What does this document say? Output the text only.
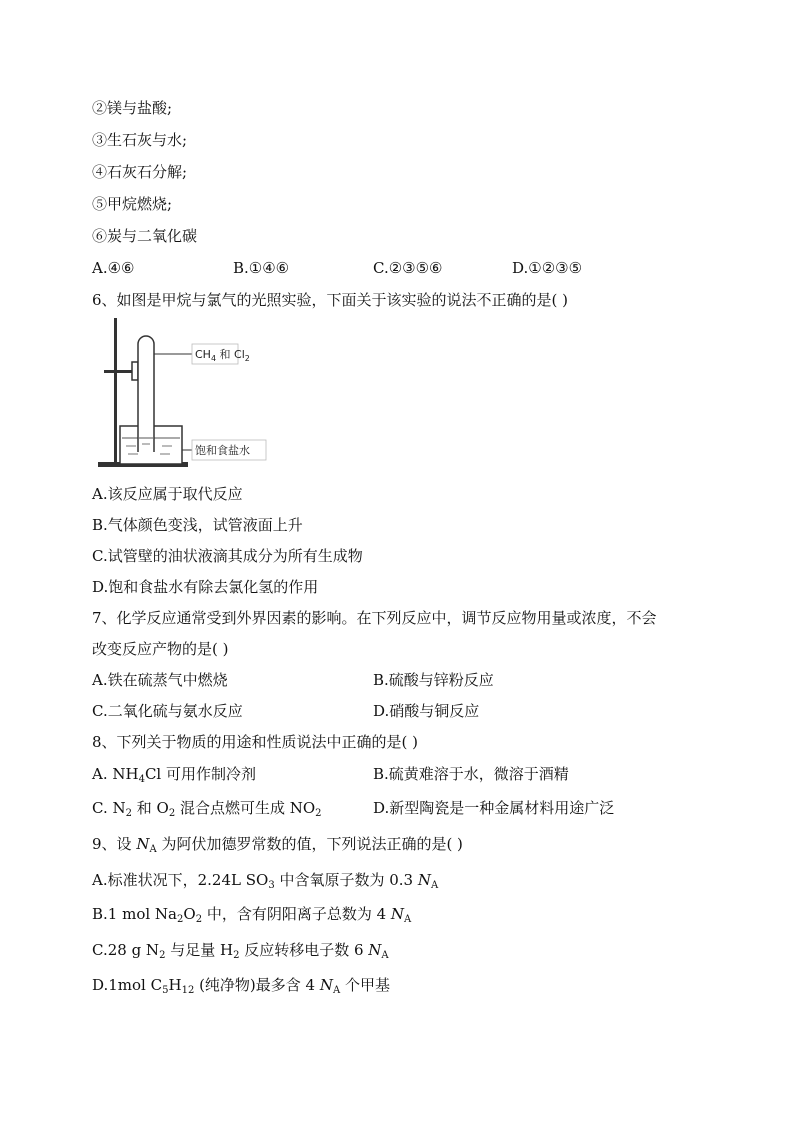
②镁与盐酸;
③生石灰与水;
④石灰石分解;
⑤甲烷燃烧;
⑥炭与二氧化碳
A.④⑥	B.①④⑥	C.②③⑤⑥	D.①②③⑤
6、如图是甲烷与氯气的光照实验，下面关于该实验的说法不正确的是( )
$CH_4$ 和 $Cl_2$
饱和食盐水
A.该反应属于取代反应
B.气体颜色变浅，试管液面上升
C.试管壁的油状液滴其成分为所有生成物
D.饱和食盐水有除去氯化氢的作用
7、化学反应通常受到外界因素的影响。在下列反应中，调节反应物用量或浓度，不会
改变反应产物的是( )
A.铁在硫蒸气中燃烧	B.硫酸与锌粉反应
C.二氧化硫与氨水反应	D.硝酸与铜反应
8、下列关于物质的用途和性质说法中正确的是( )
A. $NH_4Cl$ 可用作制冷剂	B.硫黄难溶于水，微溶于酒精
C. $N_2$ 和 $O_2$ 混合点燃可生成 $NO_2$	D.新型陶瓷是一种金属材料用途广泛
9、设 $N_A$ 为阿伏加德罗常数的值，下列说法正确的是( )
A.标准状况下，2.24L $SO_3$ 中含氧原子数为 0.3 $N_A$
B.1 mol $Na_2O_2$ 中，含有阴阳离子总数为 4 $N_A$
C.28 g $N_2$ 与足量 $H_2$ 反应转移电子数 6 $N_A$
D.1mol $C_5H_{12}$ (纯净物)最多含 4 $N_A$ 个甲基
